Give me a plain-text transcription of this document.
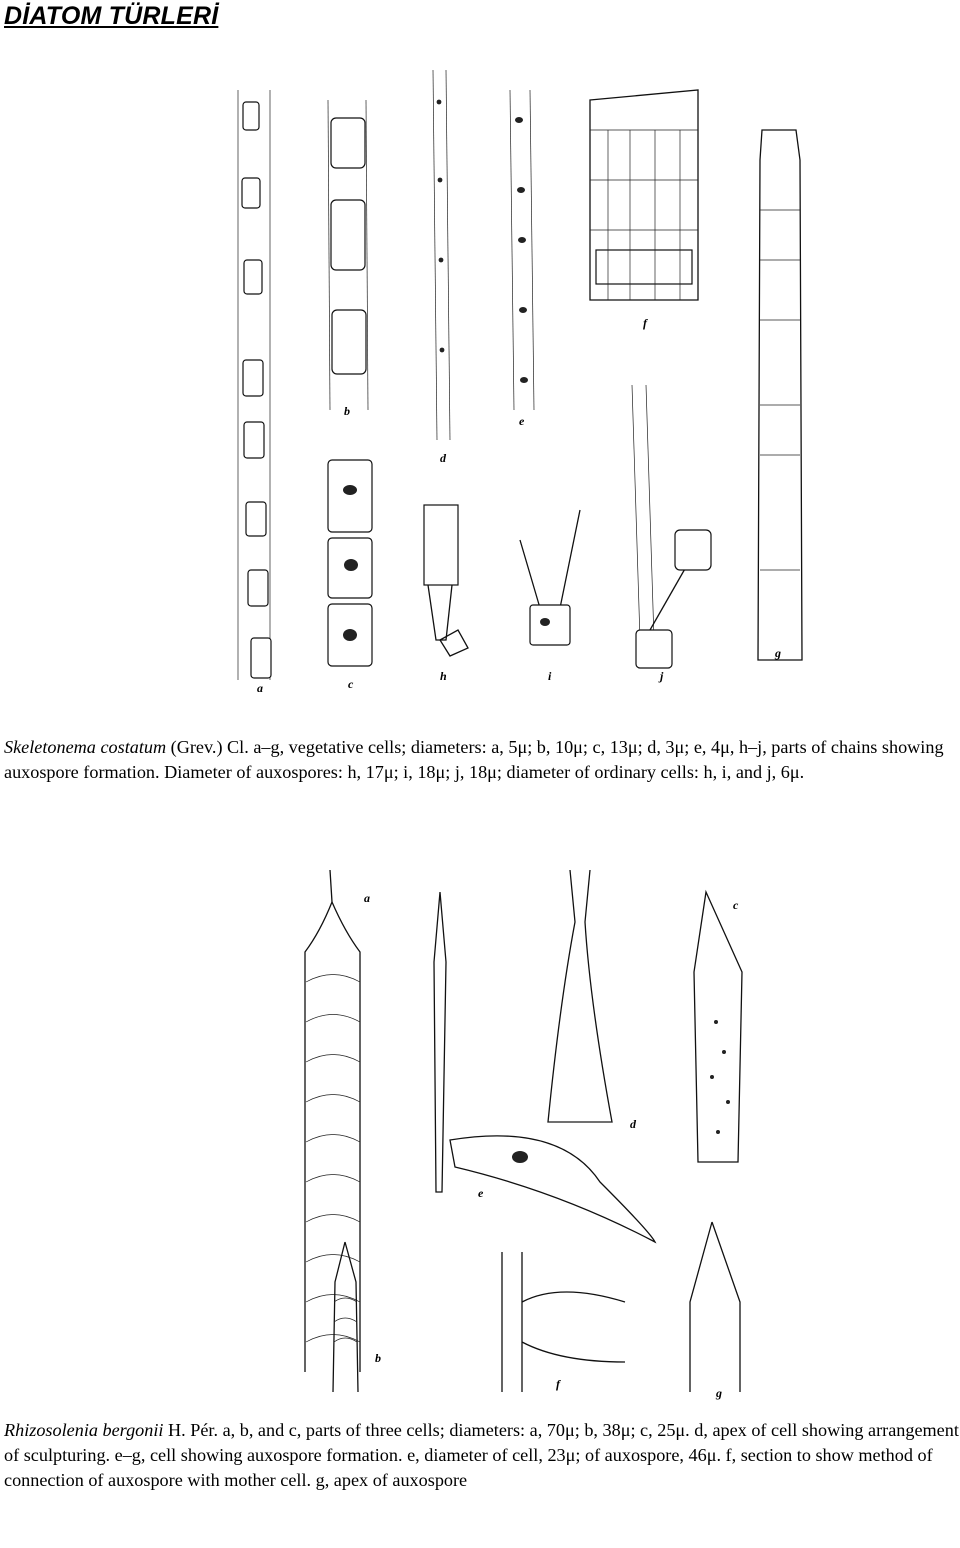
DİATOM TÜRLERİ
a
b
c
d
e
f
g
h	i	j

Skeletonema costatum (Grev.) Cl. a–g, vegetative cells; diameters: a, 5μ; b, 10μ; c, 13μ; d, 3μ; e, 4μ, h–j, parts of chains showing auxospore formation. Diameter of auxospores: h, 17μ; i, 18μ; j, 18μ; diameter of ordinary cells: h, i, and j, 6μ.

a
b
c
d
e
f
g

Rhizosolenia bergonii H. Pér. a, b, and c, parts of three cells; diameters: a, 70μ; b, 38μ; c, 25μ. d, apex of cell showing arrangement of sculpturing. e–g, cell showing auxospore formation. e, diameter of cell, 23μ; of auxospore, 46μ. f, section to show method of connection of auxospore with mother cell. g, apex of auxospore
